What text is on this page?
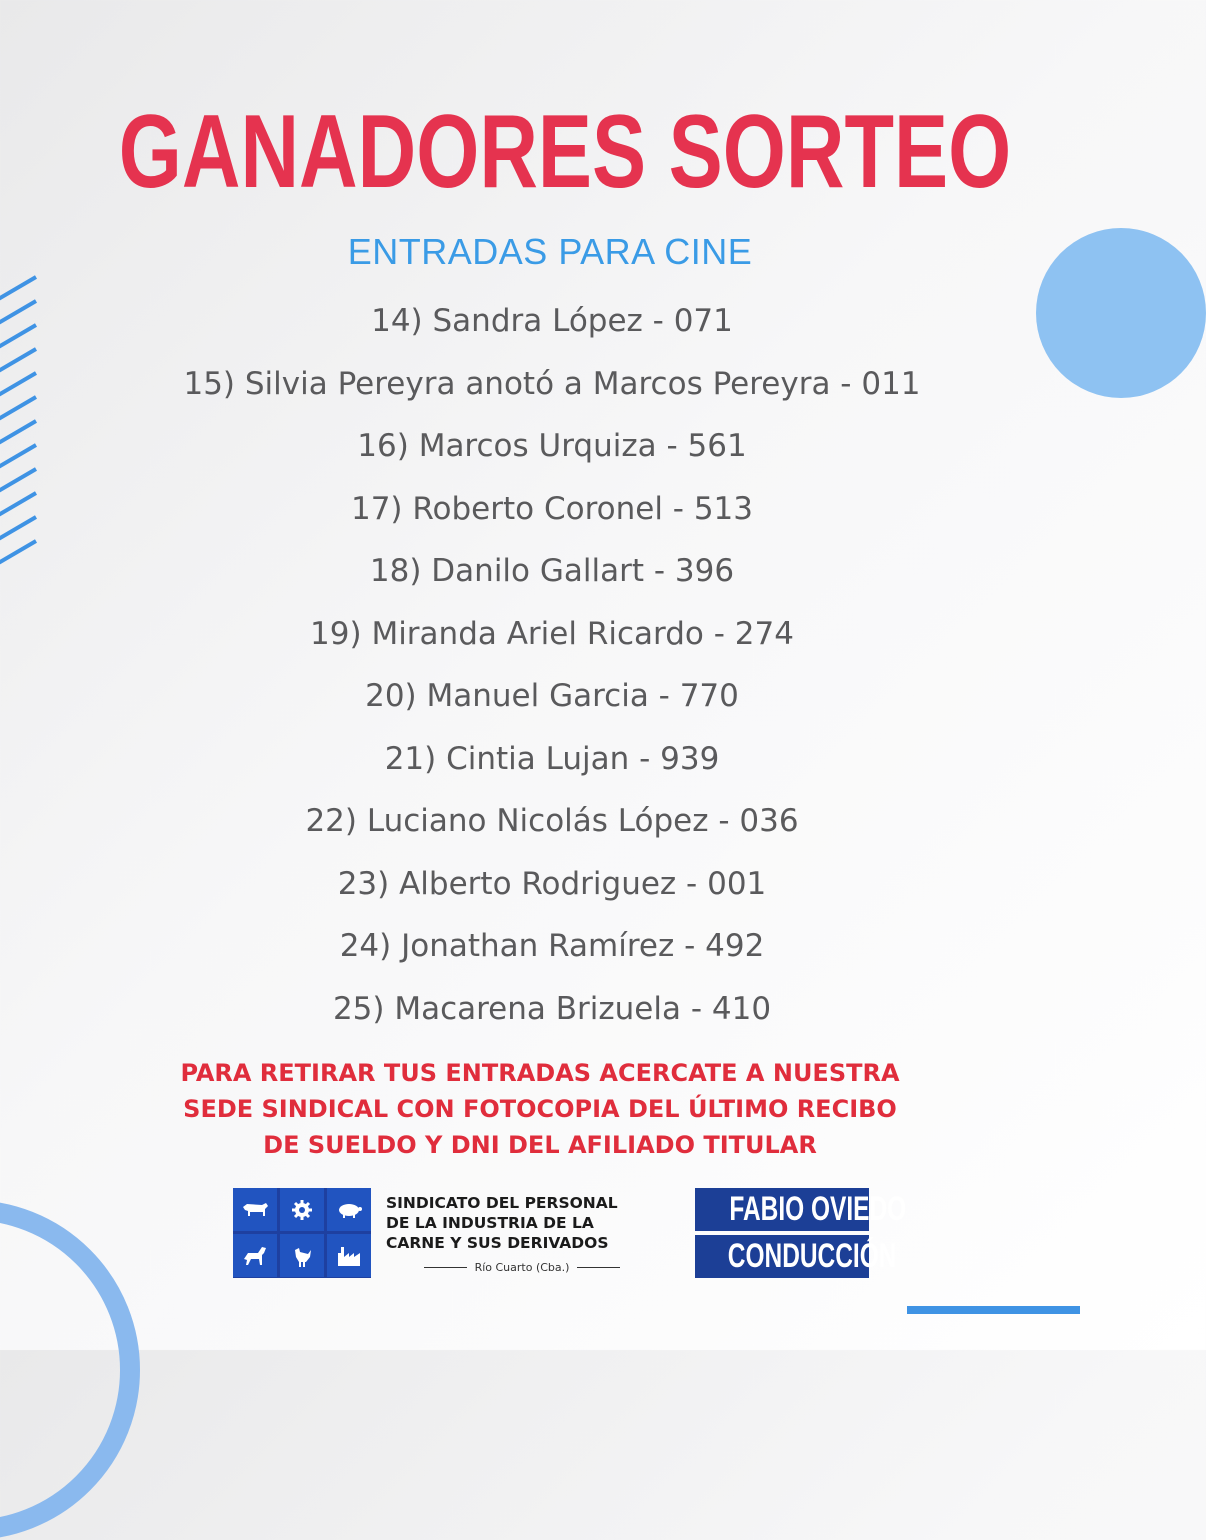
GANADORES SORTEO
ENTRADAS PARA CINE
14) Sandra López - 071
15) Silvia Pereyra anotó a Marcos Pereyra - 011
16) Marcos Urquiza - 561
17) Roberto Coronel - 513
18) Danilo Gallart - 396
19) Miranda Ariel Ricardo - 274
20) Manuel Garcia - 770
21) Cintia Lujan - 939
22) Luciano Nicolás López - 036
23) Alberto Rodriguez - 001
24) Jonathan Ramírez - 492
25) Macarena Brizuela - 410
PARA RETIRAR TUS ENTRADAS ACERCATE A NUESTRA
SEDE SINDICAL CON FOTOCOPIA DEL ÚLTIMO RECIBO
DE SUELDO Y DNI DEL AFILIADO TITULAR
SINDICATO DEL PERSONAL
DE LA INDUSTRIA DE LA
CARNE Y SUS DERIVADOS
Río Cuarto (Cba.)
FABIO OVIEDO
CONDUCCIÓN
